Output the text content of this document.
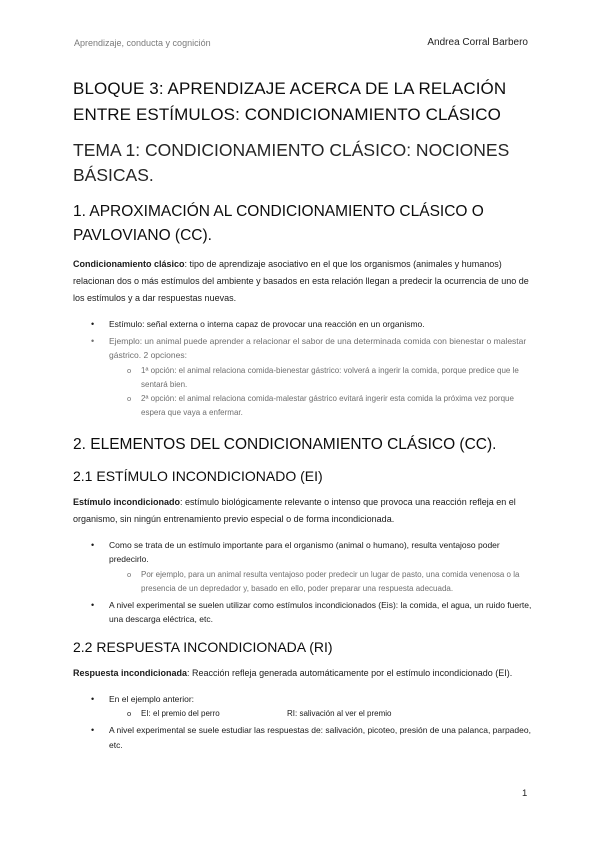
Aprendizaje, conducta y cognición	Andrea Corral Barbero
BLOQUE 3: APRENDIZAJE ACERCA DE LA RELACIÓN ENTRE ESTÍMULOS: CONDICIONAMIENTO CLÁSICO
TEMA 1: CONDICIONAMIENTO CLÁSICO: NOCIONES BÁSICAS.
1. APROXIMACIÓN AL CONDICIONAMIENTO CLÁSICO O PAVLOVIANO (CC).

Condicionamiento clásico: tipo de aprendizaje asociativo en el que los organismos (animales y humanos) relacionan dos o más estímulos del ambiente y basados en esta relación llegan a predecir la ocurrencia de uno de los estímulos y a dar respuestas nuevas.

• Estímulo: señal externa o interna capaz de provocar una reacción en un organismo.
• Ejemplo: un animal puede aprender a relacionar el sabor de una determinada comida con bienestar o malestar gástrico. 2 opciones:
o 1ª opción: el animal relaciona comida-bienestar gástrico: volverá a ingerir la comida, porque predice que le sentará bien.
o 2ª opción: el animal relaciona comida-malestar gástrico evitará ingerir esta comida la próxima vez porque espera que vaya a enfermar.
2. ELEMENTOS DEL CONDICIONAMIENTO CLÁSICO (CC).
2.1 ESTÍMULO INCONDICIONADO (EI)

Estímulo incondicionado: estímulo biológicamente relevante o intenso que provoca una reacción refleja en el organismo, sin ningún entrenamiento previo especial o de forma incondicionada.

• Como se trata de un estímulo importante para el organismo (animal o humano), resulta ventajoso poder predecirlo.
o Por ejemplo, para un animal resulta ventajoso poder predecir un lugar de pasto, una comida venenosa o la presencia de un depredador y, basado en ello, poder preparar una respuesta adecuada.
• A nivel experimental se suelen utilizar como estímulos incondicionados (Eis): la comida, el agua, un ruido fuerte, una descarga eléctrica, etc.
2.2 RESPUESTA INCONDICIONADA (RI)

Respuesta incondicionada: Reacción refleja generada automáticamente por el estímulo incondicionado (EI).

• En el ejemplo anterior:
o EI: el premio del perro	RI: salivación al ver el premio
• A nivel experimental se suele estudiar las respuestas de: salivación, picoteo, presión de una palanca, parpadeo, etc.
1
